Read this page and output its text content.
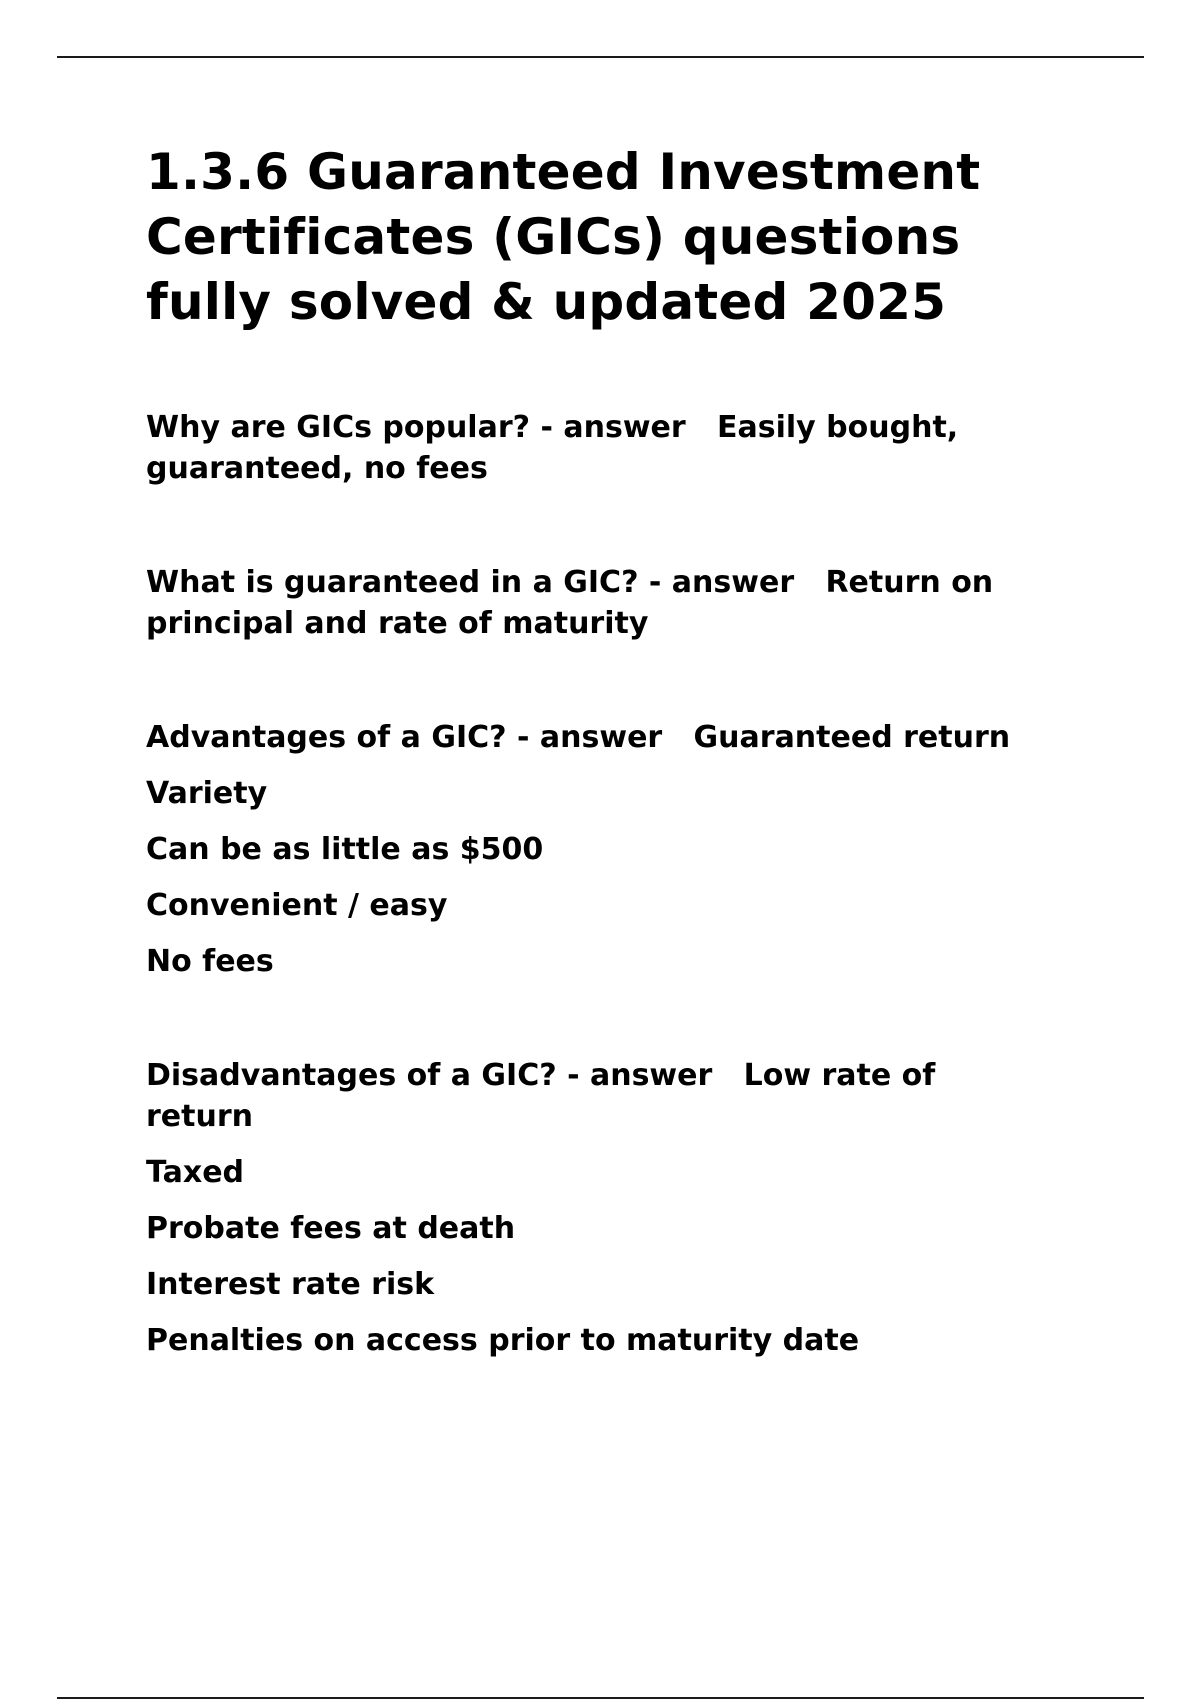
1.3.6 Guaranteed Investment
Certificates (GICs) questions
fully solved & updated 2025
Why are GICs popular? - answer   Easily bought,
guaranteed, no fees
What is guaranteed in a GIC? - answer   Return on
principal and rate of maturity
Advantages of a GIC? - answer   Guaranteed return
Variety
Can be as little as $500
Convenient / easy
No fees
Disadvantages of a GIC? - answer   Low rate of
return
Taxed
Probate fees at death
Interest rate risk
Penalties on access prior to maturity date
